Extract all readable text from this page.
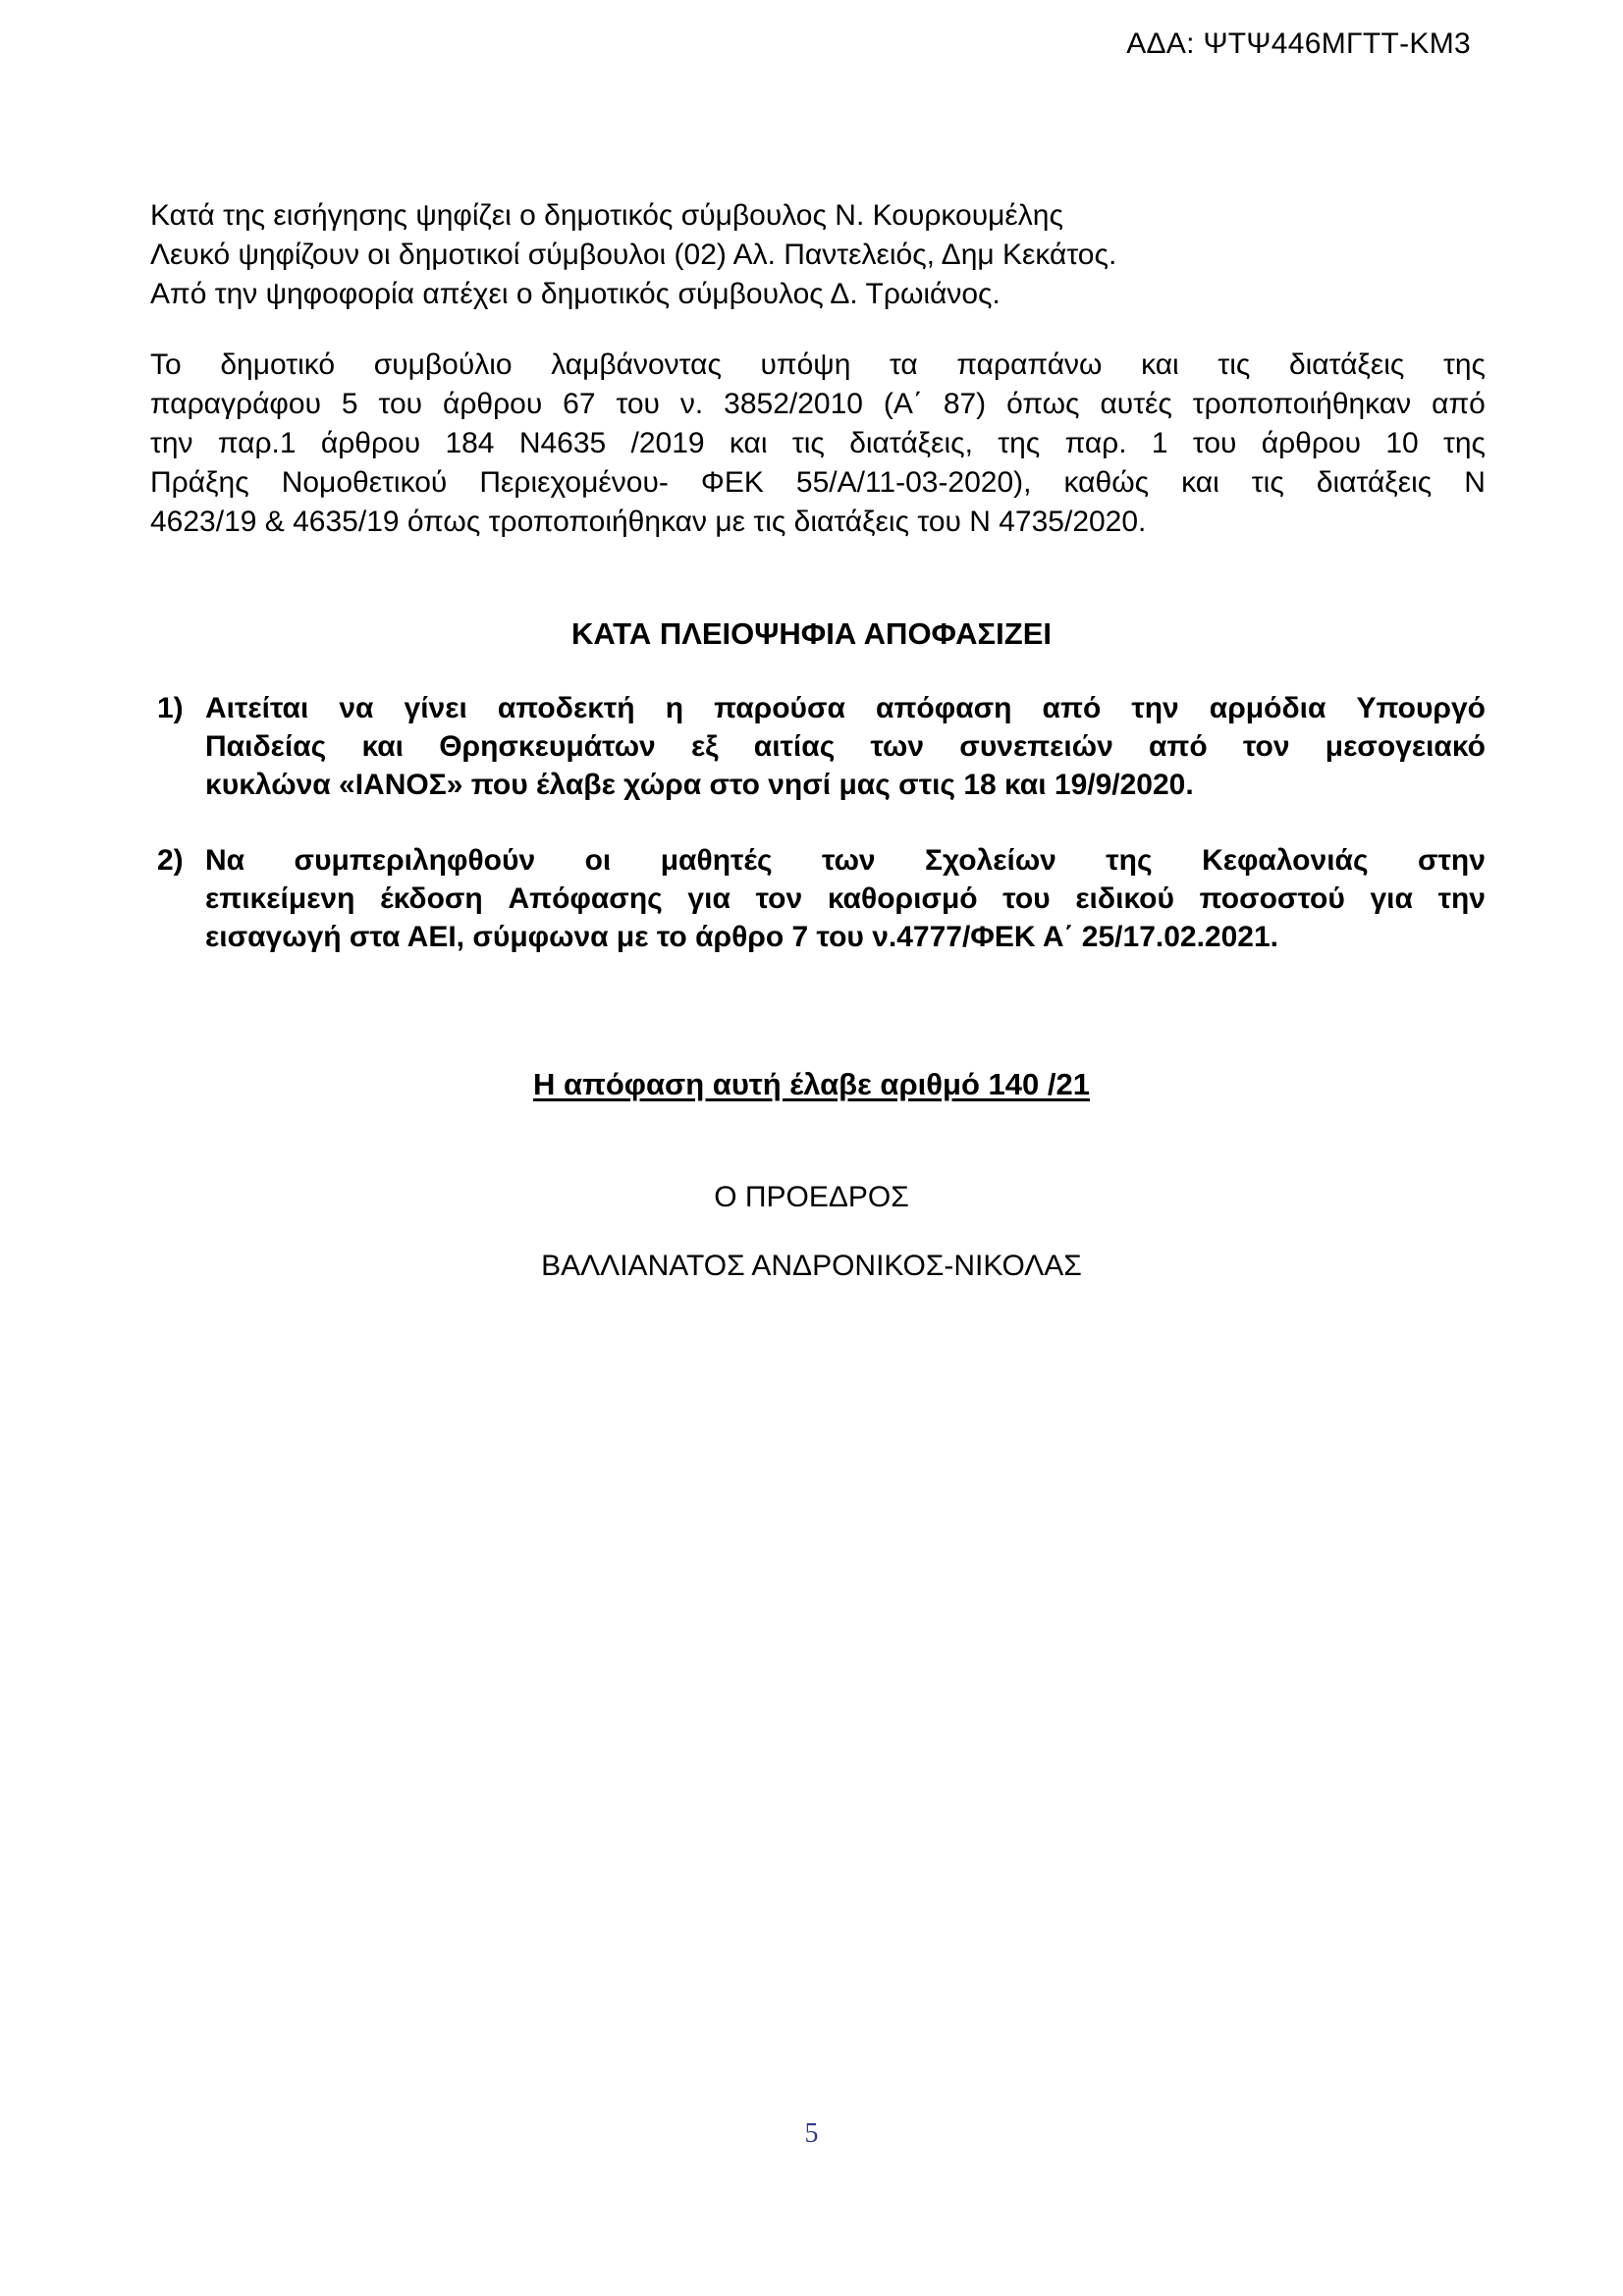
ΑΔΑ: ΨΤΨ446ΜΓΤΤ-ΚΜ3
Κατά της εισήγησης ψηφίζει ο δημοτικός σύμβουλος Ν. Κουρκουμέλης
Λευκό ψηφίζουν οι δημοτικοί σύμβουλοι (02) Αλ. Παντελειός, Δημ Κεκάτος.
Από την ψηφοφορία απέχει ο δημοτικός σύμβουλος Δ. Τρωιάνος.
Το δημοτικό συμβούλιο λαμβάνοντας υπόψη τα παραπάνω και τις διατάξεις της
παραγράφου 5 του άρθρου 67 του ν. 3852/2010 (Α΄ 87) όπως αυτές τροποποιήθηκαν από
την παρ.1 άρθρου 184 Ν4635 /2019 και τις διατάξεις, της παρ. 1 του άρθρου 10 της
Πράξης Νομοθετικού Περιεχομένου- ΦΕΚ 55/Α/11-03-2020), καθώς και τις διατάξεις Ν
4623/19 & 4635/19 όπως τροποποιήθηκαν με τις διατάξεις του Ν 4735/2020.
ΚΑΤΑ ΠΛΕΙΟΨΗΦΙΑ ΑΠΟΦΑΣΙΖΕΙ
1) Αιτείται να γίνει αποδεκτή η παρούσα απόφαση από την αρμόδια Υπουργό
Παιδείας και Θρησκευμάτων εξ αιτίας των συνεπειών από τον μεσογειακό
κυκλώνα «ΙΑΝΟΣ» που έλαβε χώρα στο νησί μας στις 18 και 19/9/2020.
2) Να συμπεριληφθούν οι μαθητές των Σχολείων της Κεφαλονιάς στην
επικείμενη έκδοση Απόφασης για τον καθορισμό του ειδικού ποσοστού για την
εισαγωγή στα ΑΕΙ, σύμφωνα με το άρθρο 7 του ν.4777/ΦΕΚ Α΄ 25/17.02.2021.
Η απόφαση αυτή έλαβε αριθμό 140 /21
Ο ΠΡΟΕΔΡΟΣ
ΒΑΛΛΙΑΝΑΤΟΣ ΑΝΔΡΟΝΙΚΟΣ-ΝΙΚΟΛΑΣ
5
